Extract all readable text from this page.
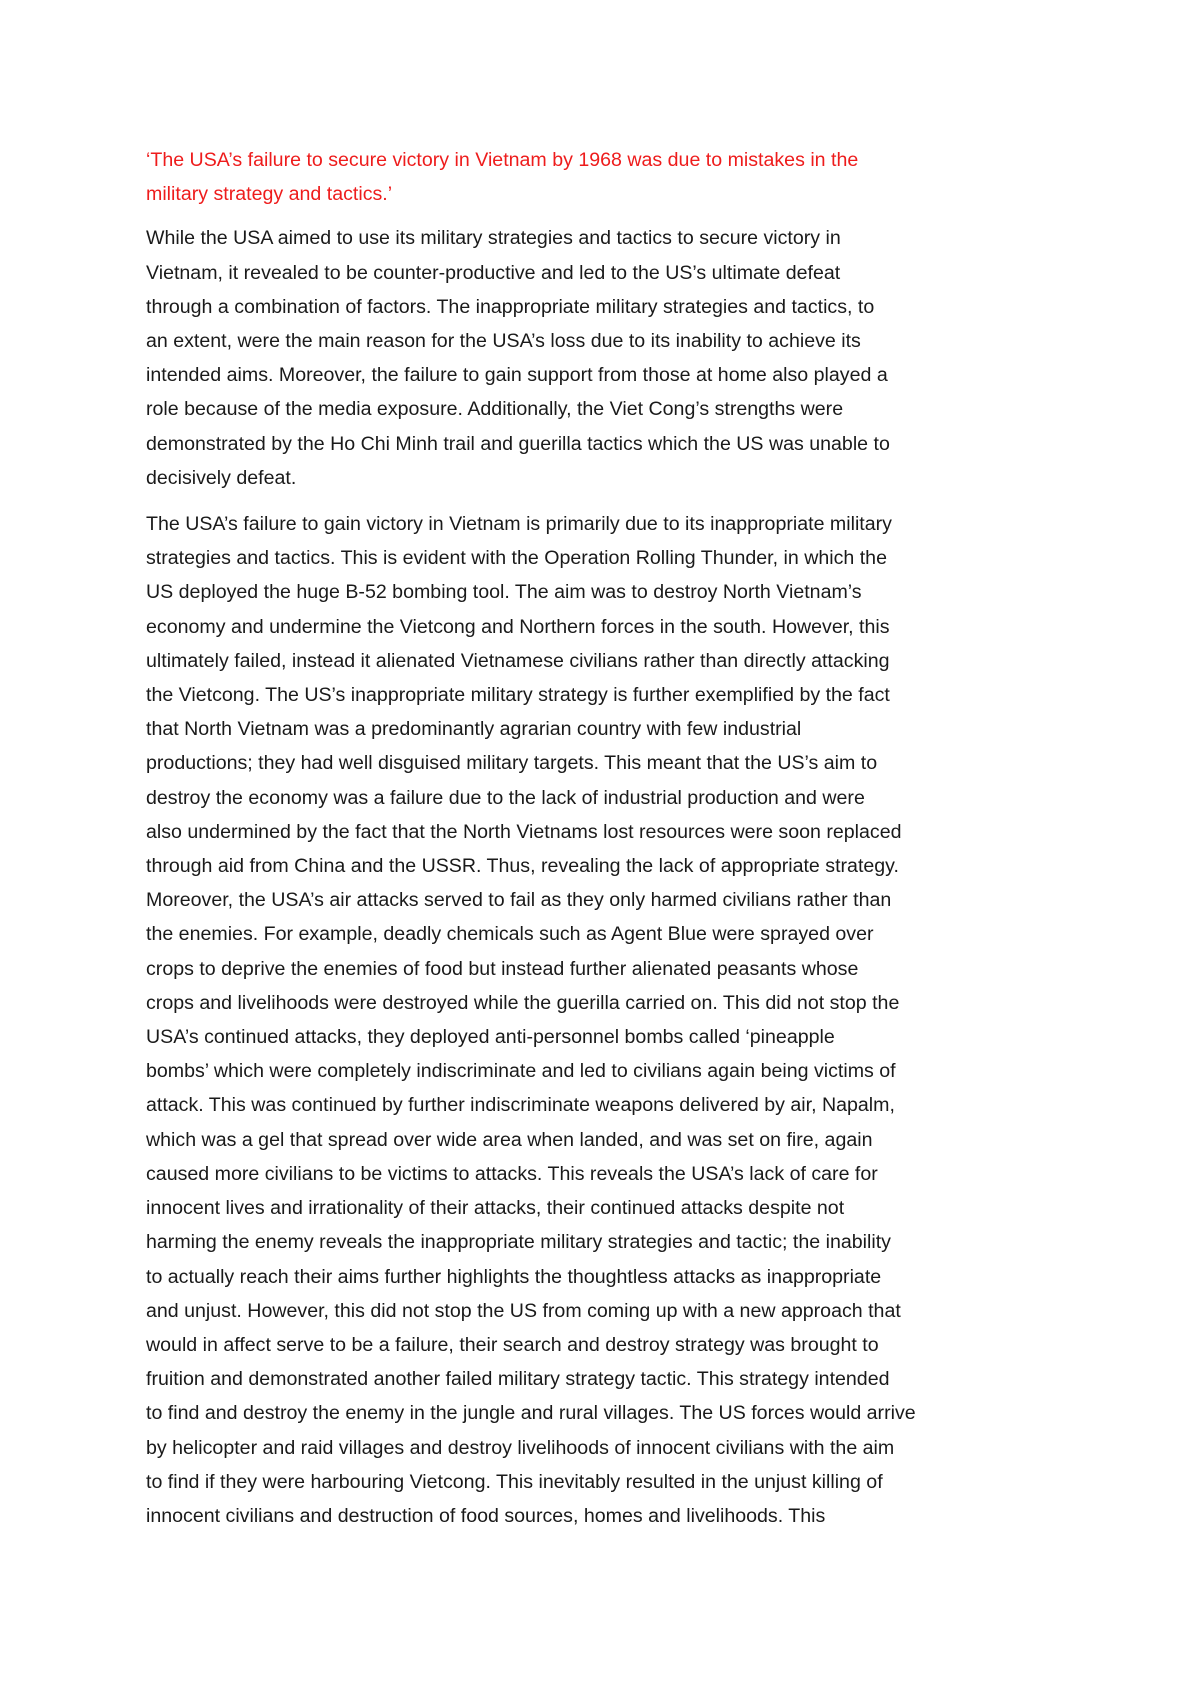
‘The USA’s failure to secure victory in Vietnam by 1968 was due to mistakes in the
military strategy and tactics.’
While the USA aimed to use its military strategies and tactics to secure victory in
Vietnam, it revealed to be counter-productive and led to the US’s ultimate defeat
through a combination of factors. The inappropriate military strategies and tactics, to
an extent, were the main reason for the USA’s loss due to its inability to achieve its
intended aims. Moreover, the failure to gain support from those at home also played a
role because of the media exposure. Additionally, the Viet Cong’s strengths were
demonstrated by the Ho Chi Minh trail and guerilla tactics which the US was unable to
decisively defeat.
The USA’s failure to gain victory in Vietnam is primarily due to its inappropriate military
strategies and tactics. This is evident with the Operation Rolling Thunder, in which the
US deployed the huge B-52 bombing tool. The aim was to destroy North Vietnam’s
economy and undermine the Vietcong and Northern forces in the south. However, this
ultimately failed, instead it alienated Vietnamese civilians rather than directly attacking
the Vietcong. The US’s inappropriate military strategy is further exemplified by the fact
that North Vietnam was a predominantly agrarian country with few industrial
productions; they had well disguised military targets. This meant that the US’s aim to
destroy the economy was a failure due to the lack of industrial production and were
also undermined by the fact that the North Vietnams lost resources were soon replaced
through aid from China and the USSR. Thus, revealing the lack of appropriate strategy.
Moreover, the USA’s air attacks served to fail as they only harmed civilians rather than
the enemies. For example, deadly chemicals such as Agent Blue were sprayed over
crops to deprive the enemies of food but instead further alienated peasants whose
crops and livelihoods were destroyed while the guerilla carried on. This did not stop the
USA’s continued attacks, they deployed anti-personnel bombs called ‘pineapple
bombs’ which were completely indiscriminate and led to civilians again being victims of
attack. This was continued by further indiscriminate weapons delivered by air, Napalm,
which was a gel that spread over wide area when landed, and was set on fire, again
caused more civilians to be victims to attacks. This reveals the USA’s lack of care for
innocent lives and irrationality of their attacks, their continued attacks despite not
harming the enemy reveals the inappropriate military strategies and tactic; the inability
to actually reach their aims further highlights the thoughtless attacks as inappropriate
and unjust. However, this did not stop the US from coming up with a new approach that
would in affect serve to be a failure, their search and destroy strategy was brought to
fruition and demonstrated another failed military strategy tactic. This strategy intended
to find and destroy the enemy in the jungle and rural villages. The US forces would arrive
by helicopter and raid villages and destroy livelihoods of innocent civilians with the aim
to find if they were harbouring Vietcong. This inevitably resulted in the unjust killing of
innocent civilians and destruction of food sources, homes and livelihoods. This
